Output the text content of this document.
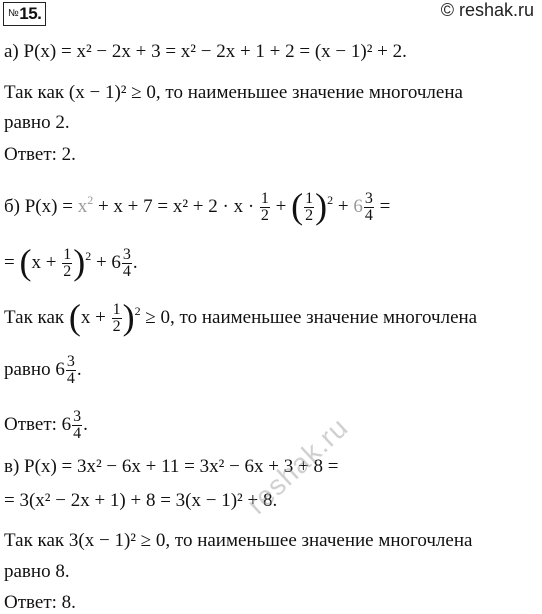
№15.	© reshak.ru
а) P(x) = x² − 2x + 3 = x² − 2x + 1 + 2 = (x − 1)² + 2.
Так как (x − 1)² ≥ 0, то наименьшее значение многочлена
равно 2.
Ответ: 2.
б) $P(x) = x^2 + x + 7 = x^2 + 2 \cdot x \cdot \frac{1}{2}$ + ( $\frac{1}{2} )^2 + 6 \frac{3}{4}$ =
= $(x + \frac{1}{2} )^2 + 6 \frac{3}{4}$ .
Так как $(x + \frac{1}{2} )^2 \ge 0$, то наименьшее значение многочлена
равно $6 \frac{3}{4}$ .
Ответ: $6 \frac{3}{4}$ .
в) P(x) = 3x² − 6x + 11 = 3x² − 6x + 3 + 8 =
= 3(x² − 2x + 1) + 8 = 3(x − 1)² + 8.
Так как 3(x − 1)² ≥ 0, то наименьшее значение многочлена
равно 8.
Ответ: 8.
reshak.ru
